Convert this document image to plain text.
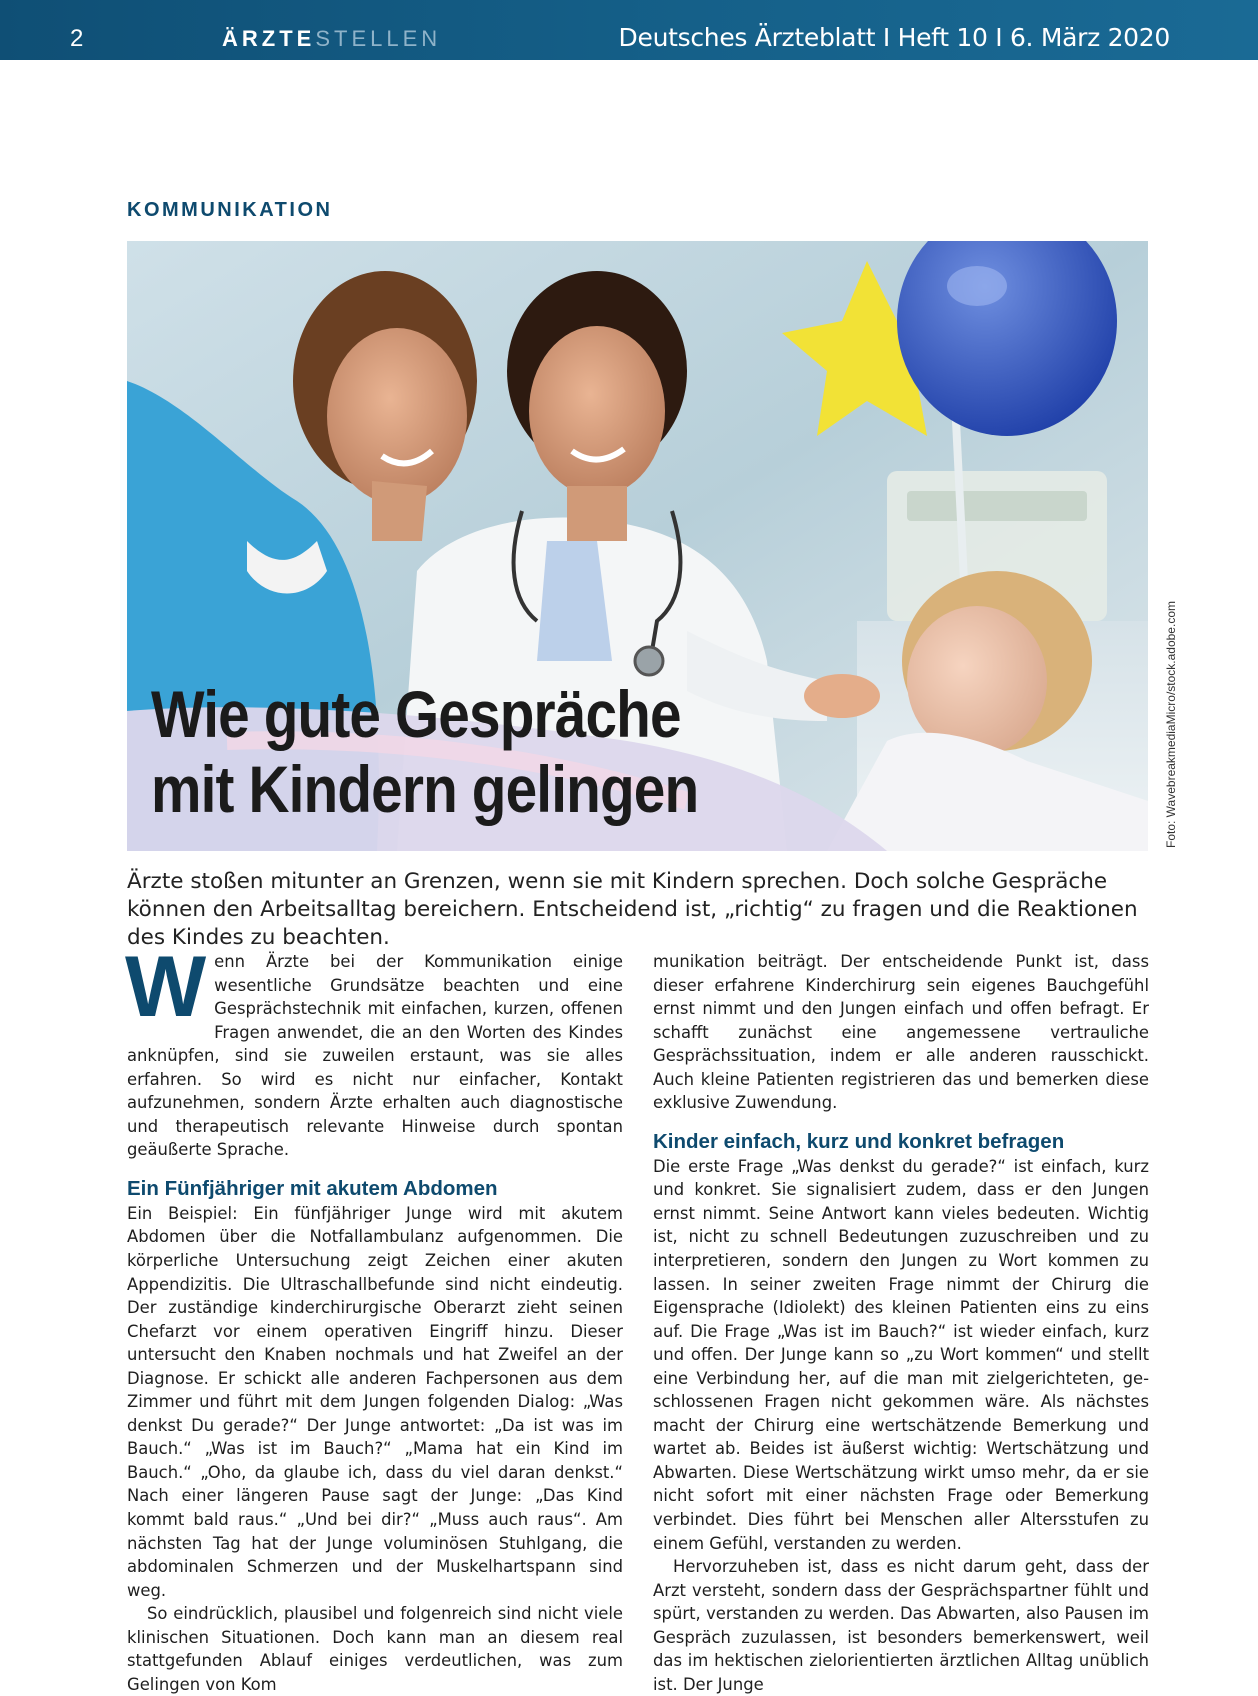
2	ÄRZTESTELLEN	Deutsches Ärzteblatt I Heft 10 I 6. März 2020
KOMMUNIKATION
Wie gute Gespräche
mit Kindern gelingen	Foto: WavebreakmediaMicro/stock.adobe.com

Ärzte stoßen mitunter an Grenzen, wenn sie mit Kindern sprechen. Doch solche Gespräche können den Arbeitsalltag bereichern. Entscheidend ist, „richtig“ zu fragen und die Reaktionen des Kindes zu beachten.

W enn Ärzte bei der Kommunikation einige wesentliche Grundsätze beachten und eine Gesprächstechnik mit einfachen, kurzen, offenen Fragen anwendet, die an den Worten des Kindes anknüpfen, sind sie zuweilen erstaunt, was sie alles erfahren. So wird es nicht nur einfacher, Kontakt aufzunehmen, sondern Ärzte erhalten auch diagnostische und therapeutisch relevante Hinweise durch spontan geäußerte Sprache.

Ein Fünfjähriger mit akutem Abdomen

Ein Beispiel: Ein fünfjähriger Junge wird mit akutem Abdomen über die Notfallambulanz aufgenommen. Die körperliche Untersuchung zeigt Zeichen einer akuten Appendizitis. Die Ultraschallbefunde sind nicht eindeutig. Der zuständige kinderchirurgische Oberarzt zieht seinen Chefarzt vor einem operativen Eingriff hinzu. Dieser untersucht den Knaben nochmals und hat Zweifel an der Diagnose. Er schickt alle anderen Fachpersonen aus dem Zimmer und führt mit dem Jungen folgenden Dialog: „Was denkst Du gerade?“ Der Junge antwortet: „Da ist was im Bauch.“ „Was ist im Bauch?“ „Mama hat ein Kind im Bauch.“ „Oho, da glaube ich, dass du viel daran denkst.“ Nach einer längeren Pause sagt der Junge: „Das Kind kommt bald raus.“ „Und bei dir?“ „Muss auch raus“. Am nächsten Tag hat der Junge voluminösen Stuhlgang, die abdominalen Schmerzen und der Muskelhartspann sind weg.

So eindrücklich, plausibel und folgenreich sind nicht viele klinischen Situationen. Doch kann man an diesem real stattgefunden Ablauf einiges verdeutlichen, was zum Gelingen von Kom

munikation beiträgt. Der entscheidende Punkt ist, dass dieser erfahrene Kinderchirurg sein eigenes Bauchgefühl ernst nimmt und den Jungen einfach und offen befragt. Er schafft zunächst eine angemessene vertrauliche Gesprächssituation, indem er alle anderen rausschickt. Auch kleine Patienten registrieren das und bemerken diese exklusive Zuwendung.

Kinder einfach, kurz und konkret befragen

Die erste Frage „Was denkst du gerade?“ ist einfach, kurz und konkret. Sie signalisiert zudem, dass er den Jungen ernst nimmt. Seine Antwort kann vieles bedeuten. Wichtig ist, nicht zu schnell Bedeutungen zuzuschreiben und zu interpretieren, sondern den Jungen zu Wort kommen zu lassen. In seiner zweiten Frage nimmt der Chirurg die Eigensprache (Idiolekt) des kleinen Patienten eins zu eins auf. Die Frage „Was ist im Bauch?“ ist wieder einfach, kurz und offen. Der Junge kann so „zu Wort kommen“ und stellt eine Verbindung her, auf die man mit zielgerichteten, geschlossenen Fragen nicht gekommen wäre. Als nächstes macht der Chirurg eine wertschätzende Bemerkung und wartet ab. Beides ist äußerst wichtig: Wertschätzung und Abwarten. Diese Wertschätzung wirkt umso mehr, da er sie nicht sofort mit einer nächsten Frage oder Bemerkung verbindet. Dies führt bei Menschen aller Altersstufen zu einem Gefühl, verstanden zu werden.

Hervorzuheben ist, dass es nicht darum geht, dass der Arzt versteht, sondern dass der Gesprächspartner fühlt und spürt, verstanden zu werden. Das Abwarten, also Pausen im Gespräch zuzulassen, ist besonders bemerkenswert, weil das im hektischen zielorientierten ärztlichen Alltag unüblich ist. Der Junge
